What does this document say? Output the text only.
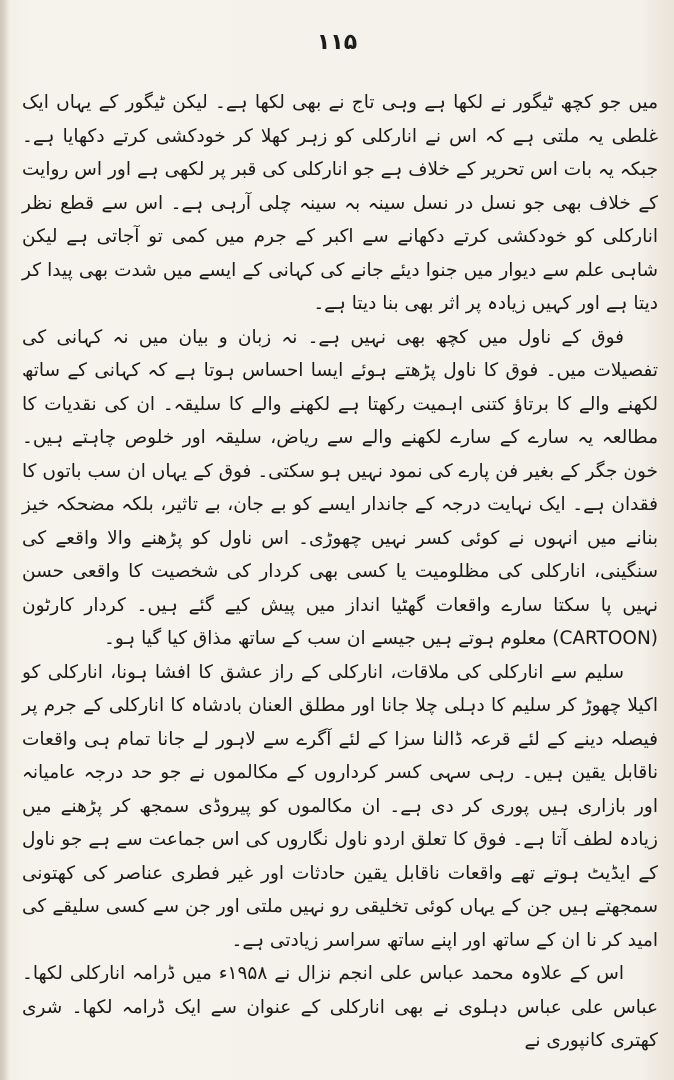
۱۱۵

میں جو کچھ ٹیگور نے لکھا ہے وہی تاج نے بھی لکھا ہے۔ لیکن ٹیگور کے یہاں ایک غلطی یہ ملتی ہے کہ اس نے انارکلی کو زہر کھلا کر خودکشی کرتے دکھایا ہے۔ جبکہ یہ بات اس تحریر کے خلاف ہے جو انارکلی کی قبر پر لکھی ہے اور اس روایت کے خلاف بھی جو نسل در نسل سینہ بہ سینہ چلی آرہی ہے۔ اس سے قطع نظر انارکلی کو خودکشی کرتے دکھانے سے اکبر کے جرم میں کمی تو آجاتی ہے لیکن شاہی علم سے دیوار میں جنوا دیئے جانے کی کہانی کے ایسے میں شدت بھی پیدا کر دیتا ہے اور کہیں زیادہ پر اثر بھی بنا دیتا ہے۔

فوق کے ناول میں کچھ بھی نہیں ہے۔ نہ زبان و بیان میں نہ کہانی کی تفصیلات میں۔ فوق کا ناول پڑھتے ہوئے ایسا احساس ہوتا ہے کہ کہانی کے ساتھ لکھنے والے کا برتاؤ کتنی اہمیت رکھتا ہے لکھنے والے کا سلیقہ۔ ان کی نقدیات کا مطالعہ یہ سارے کے سارے لکھنے والے سے ریاض، سلیقہ اور خلوص چاہتے ہیں۔ خون جگر کے بغیر فن پارے کی نمود نہیں ہو سکتی۔ فوق کے یہاں ان سب باتوں کا فقدان ہے۔ ایک نہایت درجہ کے جاندار ایسے کو بے جان، بے تاثیر، بلکہ مضحکہ خیز بنانے میں انہوں نے کوئی کسر نہیں چھوڑی۔ اس ناول کو پڑھنے والا واقعے کی سنگینی، انارکلی کی مظلومیت یا کسی بھی کردار کی شخصیت کا واقعی حسن نہیں پا سکتا سارے واقعات گھٹیا انداز میں پیش کیے گئے ہیں۔ کردار کارٹون (CARTOON) معلوم ہوتے ہیں جیسے ان سب کے ساتھ مذاق کیا گیا ہو۔

سلیم سے انارکلی کی ملاقات، انارکلی کے راز عشق کا افشا ہونا، انارکلی کو اکیلا چھوڑ کر سلیم کا دہلی چلا جانا اور مطلق العنان بادشاہ کا انارکلی کے جرم پر فیصلہ دینے کے لئے قرعہ ڈالنا سزا کے لئے آگرے سے لاہور لے جانا تمام ہی واقعات ناقابل یقین ہیں۔ رہی سہی کسر کرداروں کے مکالموں نے جو حد درجہ عامیانہ اور بازاری ہیں پوری کر دی ہے۔ ان مکالموں کو پیروڈی سمجھ کر پڑھنے میں زیادہ لطف آتا ہے۔ فوق کا تعلق اردو ناول نگاروں کی اس جماعت سے ہے جو ناول کے ایڈیٹ ہوتے تھے واقعات ناقابل یقین حادثات اور غیر فطری عناصر کی کھتونی سمجھتے ہیں جن کے یہاں کوئی تخلیقی رو نہیں ملتی اور جن سے کسی سلیقے کی امید کر نا ان کے ساتھ اور اپنے ساتھ سراسر زیادتی ہے۔

اس کے علاوہ محمد عباس علی انجم نزال نے ۱۹۵۸ء میں ڈرامہ انارکلی لکھا۔ عباس علی عباس دہلوی نے بھی انارکلی کے عنوان سے ایک ڈرامہ لکھا۔ شری کھتری کانپوری نے
